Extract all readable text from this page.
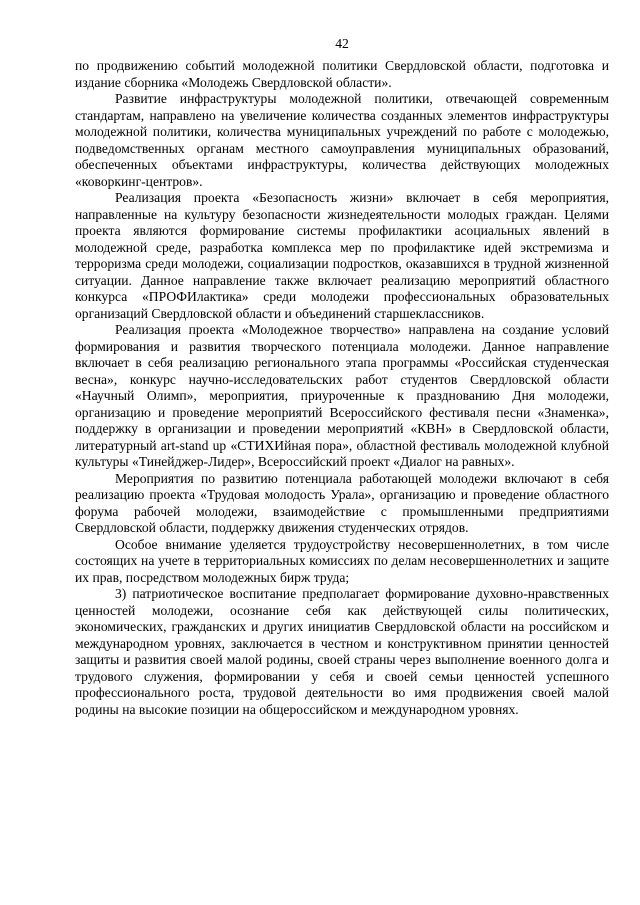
42

по продвижению событий молодежной политики Свердловской области, подготовка и издание сборника «Молодежь Свердловской области».

Развитие инфраструктуры молодежной политики, отвечающей современным стандартам, направлено на увеличение количества созданных элементов инфраструктуры молодежной политики, количества муниципальных учреждений по работе с молодежью, подведомственных органам местного самоуправления муниципальных образований, обеспеченных объектами инфраструктуры, количества действующих молодежных «коворкинг-центров».

Реализация проекта «Безопасность жизни» включает в себя мероприятия, направленные на культуру безопасности жизнедеятельности молодых граждан. Целями проекта являются формирование системы профилактики асоциальных явлений в молодежной среде, разработка комплекса мер по профилактике идей экстремизма и терроризма среди молодежи, социализации подростков, оказавшихся в трудной жизненной ситуации. Данное направление также включает реализацию мероприятий областного конкурса «ПРОФИлактика» среди молодежи профессиональных образовательных организаций Свердловской области и объединений старшеклассников.

Реализация проекта «Молодежное творчество» направлена на создание условий формирования и развития творческого потенциала молодежи. Данное направление включает в себя реализацию регионального этапа программы «Российская студенческая весна», конкурс научно-исследовательских работ студентов Свердловской области «Научный Олимп», мероприятия, приуроченные к празднованию Дня молодежи, организацию и проведение мероприятий Всероссийского фестиваля песни «Знаменка», поддержку в организации и проведении мероприятий «КВН» в Свердловской области, литературный art-stand up «СТИХИйная пора», областной фестиваль молодежной клубной культуры «Тинейджер-Лидер», Всероссийский проект «Диалог на равных».

Мероприятия по развитию потенциала работающей молодежи включают в себя реализацию проекта «Трудовая молодость Урала», организацию и проведение областного форума рабочей молодежи, взаимодействие с промышленными предприятиями Свердловской области, поддержку движения студенческих отрядов.

Особое внимание уделяется трудоустройству несовершеннолетних, в том числе состоящих на учете в территориальных комиссиях по делам несовершеннолетних и защите их прав, посредством молодежных бирж труда;

3) патриотическое воспитание предполагает формирование духовно-нравственных ценностей молодежи, осознание себя как действующей силы политических, экономических, гражданских и других инициатив Свердловской области на российском и международном уровнях, заключается в честном и конструктивном принятии ценностей защиты и развития своей малой родины, своей страны через выполнение военного долга и трудового служения, формировании у себя и своей семьи ценностей успешного профессионального роста, трудовой деятельности во имя продвижения своей малой родины на высокие позиции на общероссийском и международном уровнях.
